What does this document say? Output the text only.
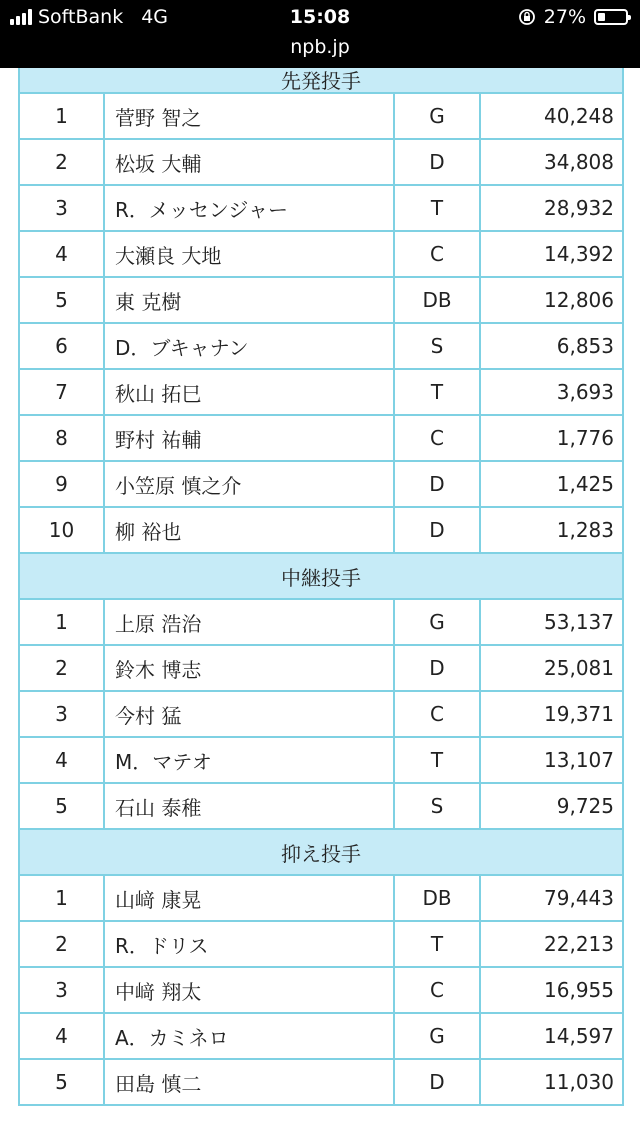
先発投手			
1	菅野 智之	G	40,248
2	松坂 大輔	D	34,808
3	R．メッセンジャー	T	28,932
4	大瀬良 大地	C	14,392
5	東 克樹	DB	12,806
6	D．ブキャナン	S	6,853
7	秋山 拓巳	T	3,693
8	野村 祐輔	C	1,776
9	小笠原 慎之介	D	1,425
10	柳 裕也	D	1,283
中継投手			
1	上原 浩治	G	53,137
2	鈴木 博志	D	25,081
3	今村 猛	C	19,371
4	M．マテオ	T	13,107
5	石山 泰稚	S	9,725
抑え投手			
1	山﨑 康晃	DB	79,443
2	R．ドリス	T	22,213
3	中﨑 翔太	C	16,955
4	A．カミネロ	G	14,597
5	田島 慎二	D	11,030
SoftBank 4G	15:08	27%
npb.jp
